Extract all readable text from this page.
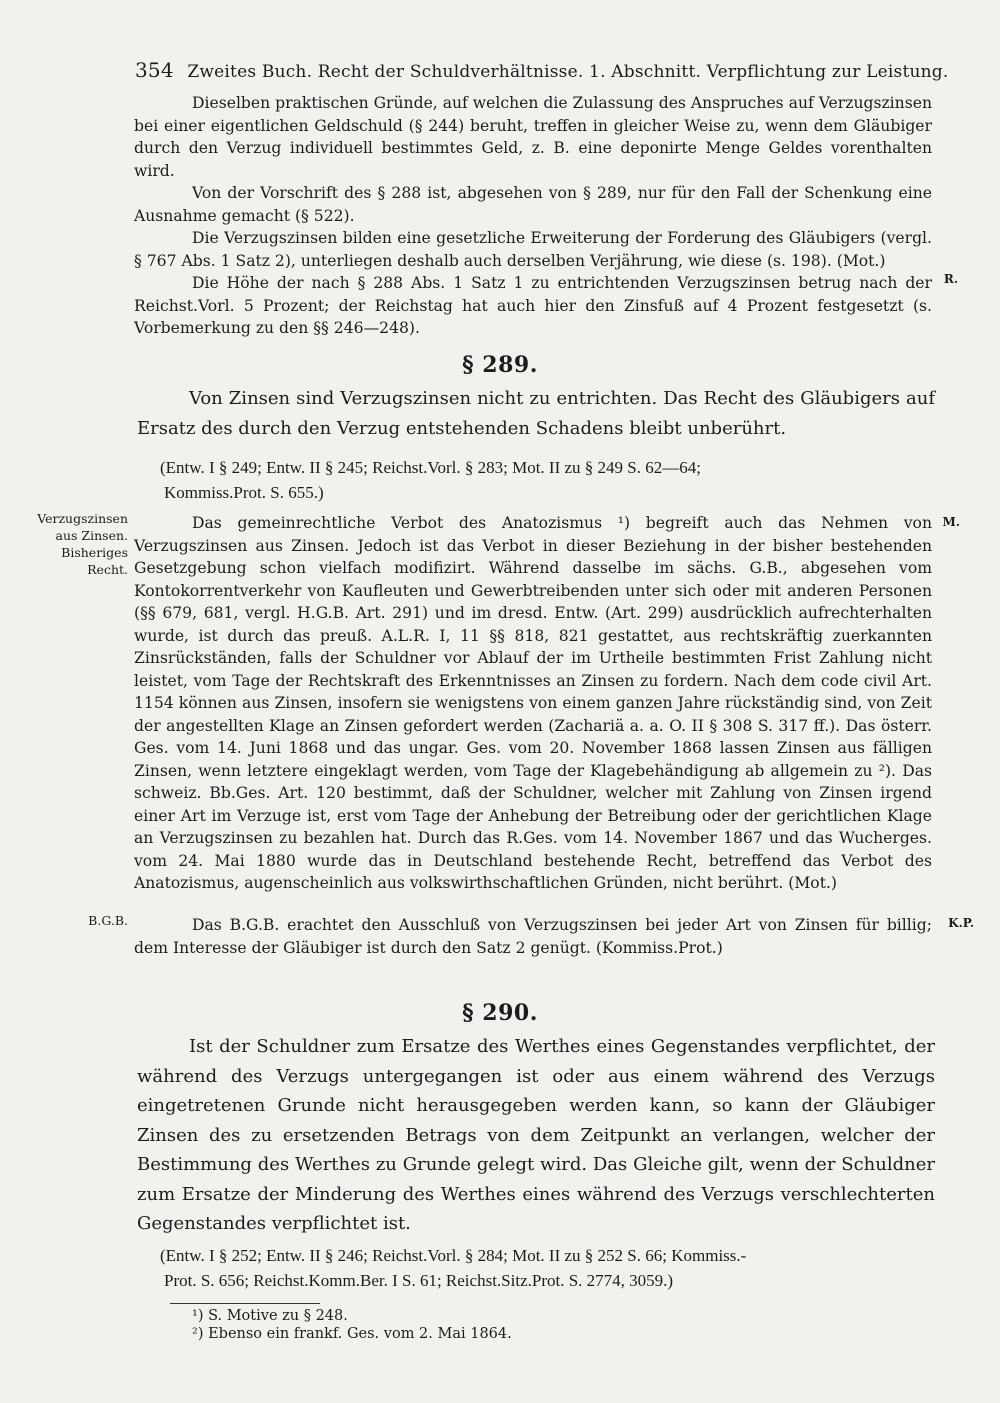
354 Zweites Buch. Recht der Schuldverhältnisse. 1. Abschnitt. Verpflichtung zur Leistung.

Dieselben praktischen Gründe, auf welchen die Zulassung des Anspruches auf Verzugszinsen bei einer eigentlichen Geldschuld (§ 244) beruht, treffen in gleicher Weise zu, wenn dem Gläubiger durch den Verzug individuell bestimmtes Geld, z. B. eine deponirte Menge Geldes vorenthalten wird.

Von der Vorschrift des § 288 ist, abgesehen von § 289, nur für den Fall der Schenkung eine Ausnahme gemacht (§ 522).

Die Verzugszinsen bilden eine gesetzliche Erweiterung der Forderung des Gläubigers (vergl. § 767 Abs. 1 Satz 2), unterliegen deshalb auch derselben Verjährung, wie diese (s. 198). (Mot.)

Die Höhe der nach § 288 Abs. 1 Satz 1 zu entrichtenden Verzugszinsen betrug nach der Reichst.Vorl. 5 Prozent; der Reichstag hat auch hier den Zinsfuß auf 4 Prozent festgesetzt (s. Vorbemerkung zu den §§ 246—248).

R.
§ 289.

Von Zinsen sind Verzugszinsen nicht zu entrichten. Das Recht des Gläubigers auf Ersatz des durch den Verzug entstehenden Schadens bleibt unberührt.

(Entw. I § 249; Entw. II § 245; Reichst.Vorl. § 283; Mot. II zu § 249 S. 62—64;

Kommiss.Prot. S. 655.)

Verzugszinsen
aus Zinsen.
Bisheriges
Recht.
M.

Das gemeinrechtliche Verbot des Anatozismus ¹) begreift auch das Nehmen von Verzugszinsen aus Zinsen. Jedoch ist das Verbot in dieser Beziehung in der bisher bestehenden Gesetzgebung schon vielfach modifizirt. Während dasselbe im sächs. G.B., abgesehen vom Kontokorrentverkehr von Kaufleuten und Gewerbtreibenden unter sich oder mit anderen Personen (§§ 679, 681, vergl. H.G.B. Art. 291) und im dresd. Entw. (Art. 299) ausdrücklich aufrechterhalten wurde, ist durch das preuß. A.L.R. I, 11 §§ 818, 821 gestattet, aus rechtskräftig zuerkannten Zinsrückständen, falls der Schuldner vor Ablauf der im Urtheile bestimmten Frist Zahlung nicht leistet, vom Tage der Rechtskraft des Erkenntnisses an Zinsen zu fordern. Nach dem code civil Art. 1154 können aus Zinsen, insofern sie wenigstens von einem ganzen Jahre rückständig sind, von Zeit der angestellten Klage an Zinsen gefordert werden (Zachariä a. a. O. II § 308 S. 317 ff.). Das österr. Ges. vom 14. Juni 1868 und das ungar. Ges. vom 20. November 1868 lassen Zinsen aus fälligen Zinsen, wenn letztere eingeklagt werden, vom Tage der Klagebehändigung ab allgemein zu ²). Das schweiz. Bb.Ges. Art. 120 bestimmt, daß der Schuldner, welcher mit Zahlung von Zinsen irgend einer Art im Verzuge ist, erst vom Tage der Anhebung der Betreibung oder der gerichtlichen Klage an Verzugszinsen zu bezahlen hat. Durch das R.Ges. vom 14. November 1867 und das Wucherges. vom 24. Mai 1880 wurde das in Deutschland bestehende Recht, betreffend das Verbot des Anatozismus, augenscheinlich aus volkswirthschaftlichen Gründen, nicht berührt. (Mot.)

B.G.B.	K.P.

Das B.G.B. erachtet den Ausschluß von Verzugszinsen bei jeder Art von Zinsen für billig; dem Interesse der Gläubiger ist durch den Satz 2 genügt. (Kommiss.Prot.)

§ 290.

Ist der Schuldner zum Ersatze des Werthes eines Gegenstandes verpflichtet, der während des Verzugs untergegangen ist oder aus einem während des Verzugs eingetretenen Grunde nicht herausgegeben werden kann, so kann der Gläubiger Zinsen des zu ersetzenden Betrags von dem Zeitpunkt an verlangen, welcher der Bestimmung des Werthes zu Grunde gelegt wird. Das Gleiche gilt, wenn der Schuldner zum Ersatze der Minderung des Werthes eines während des Verzugs verschlechterten Gegenstandes verpflichtet ist.

(Entw. I § 252; Entw. II § 246; Reichst.Vorl. § 284; Mot. II zu § 252 S. 66; Kommiss.-

Prot. S. 656; Reichst.Komm.Ber. I S. 61; Reichst.Sitz.Prot. S. 2774, 3059.)

¹) S. Motive zu § 248.

²) Ebenso ein frankf. Ges. vom 2. Mai 1864.
